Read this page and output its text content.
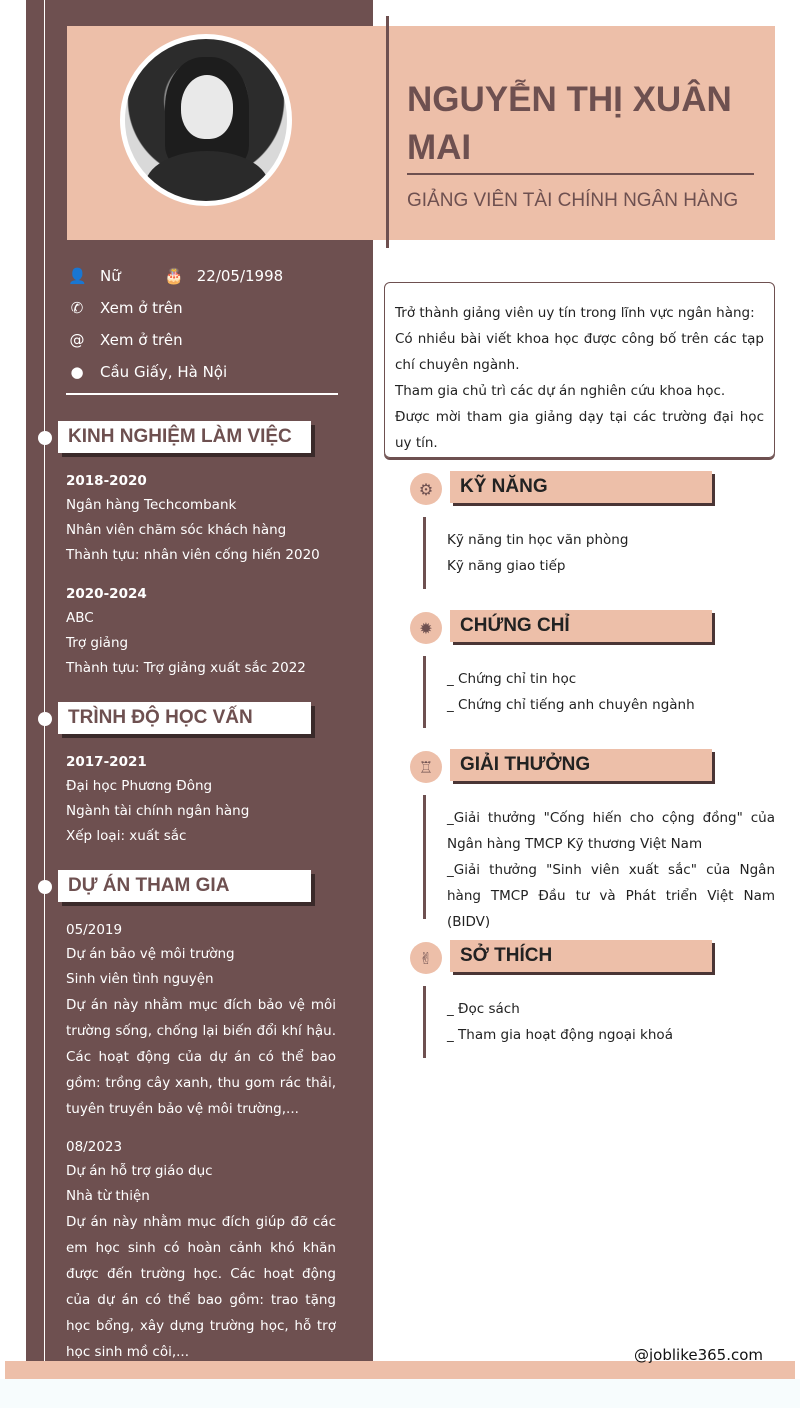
NGUYỄN THỊ XUÂN MAI
GIẢNG VIÊN TÀI CHÍNH NGÂN HÀNG
👤 Nữ	🎂 22/05/1998
✆ Xem ở trên
@ Xem ở trên
● Cầu Giấy, Hà Nội
KINH NGHIỆM LÀM VIỆC
2018-2020
Ngân hàng Techcombank
Nhân viên chăm sóc khách hàng
Thành tựu: nhân viên cống hiến 2020
2020-2024
ABC
Trợ giảng
Thành tựu: Trợ giảng xuất sắc 2022
TRÌNH ĐỘ HỌC VẤN
2017-2021
Đại học Phương Đông
Ngành tài chính ngân hàng
Xếp loại: xuất sắc
DỰ ÁN THAM GIA
05/2019
Dự án bảo vệ môi trường
Sinh viên tình nguyện
Dự án này nhằm mục đích bảo vệ môi trường sống, chống lại biến đổi khí hậu. Các hoạt động của dự án có thể bao gồm: trồng cây xanh, thu gom rác thải, tuyên truyền bảo vệ môi trường,...
08/2023
Dự án hỗ trợ giáo dục
Nhà từ thiện
Dự án này nhằm mục đích giúp đỡ các em học sinh có hoàn cảnh khó khăn được đến trường học. Các hoạt động của dự án có thể bao gồm: trao tặng học bổng, xây dựng trường học, hỗ trợ học sinh mồ côi,...
Trở thành giảng viên uy tín trong lĩnh vực ngân hàng:
Có nhiều bài viết khoa học được công bố trên các tạp chí chuyên ngành.
Tham gia chủ trì các dự án nghiên cứu khoa học.
Được mời tham gia giảng dạy tại các trường đại học uy tín.
⚙	KỸ NĂNG
Kỹ năng tin học văn phòng
Kỹ năng giao tiếp
✹	CHỨNG CHỈ
_ Chứng chỉ tin học
_ Chứng chỉ tiếng anh chuyên ngành
♖	GIẢI THƯỞNG
_Giải thưởng "Cống hiến cho cộng đồng" của Ngân hàng TMCP Kỹ thương Việt Nam
_Giải thưởng "Sinh viên xuất sắc" của Ngân hàng TMCP Đầu tư và Phát triển Việt Nam (BIDV)
✌	SỞ THÍCH
_ Đọc sách
_ Tham gia hoạt động ngoại khoá
@joblike365.com
